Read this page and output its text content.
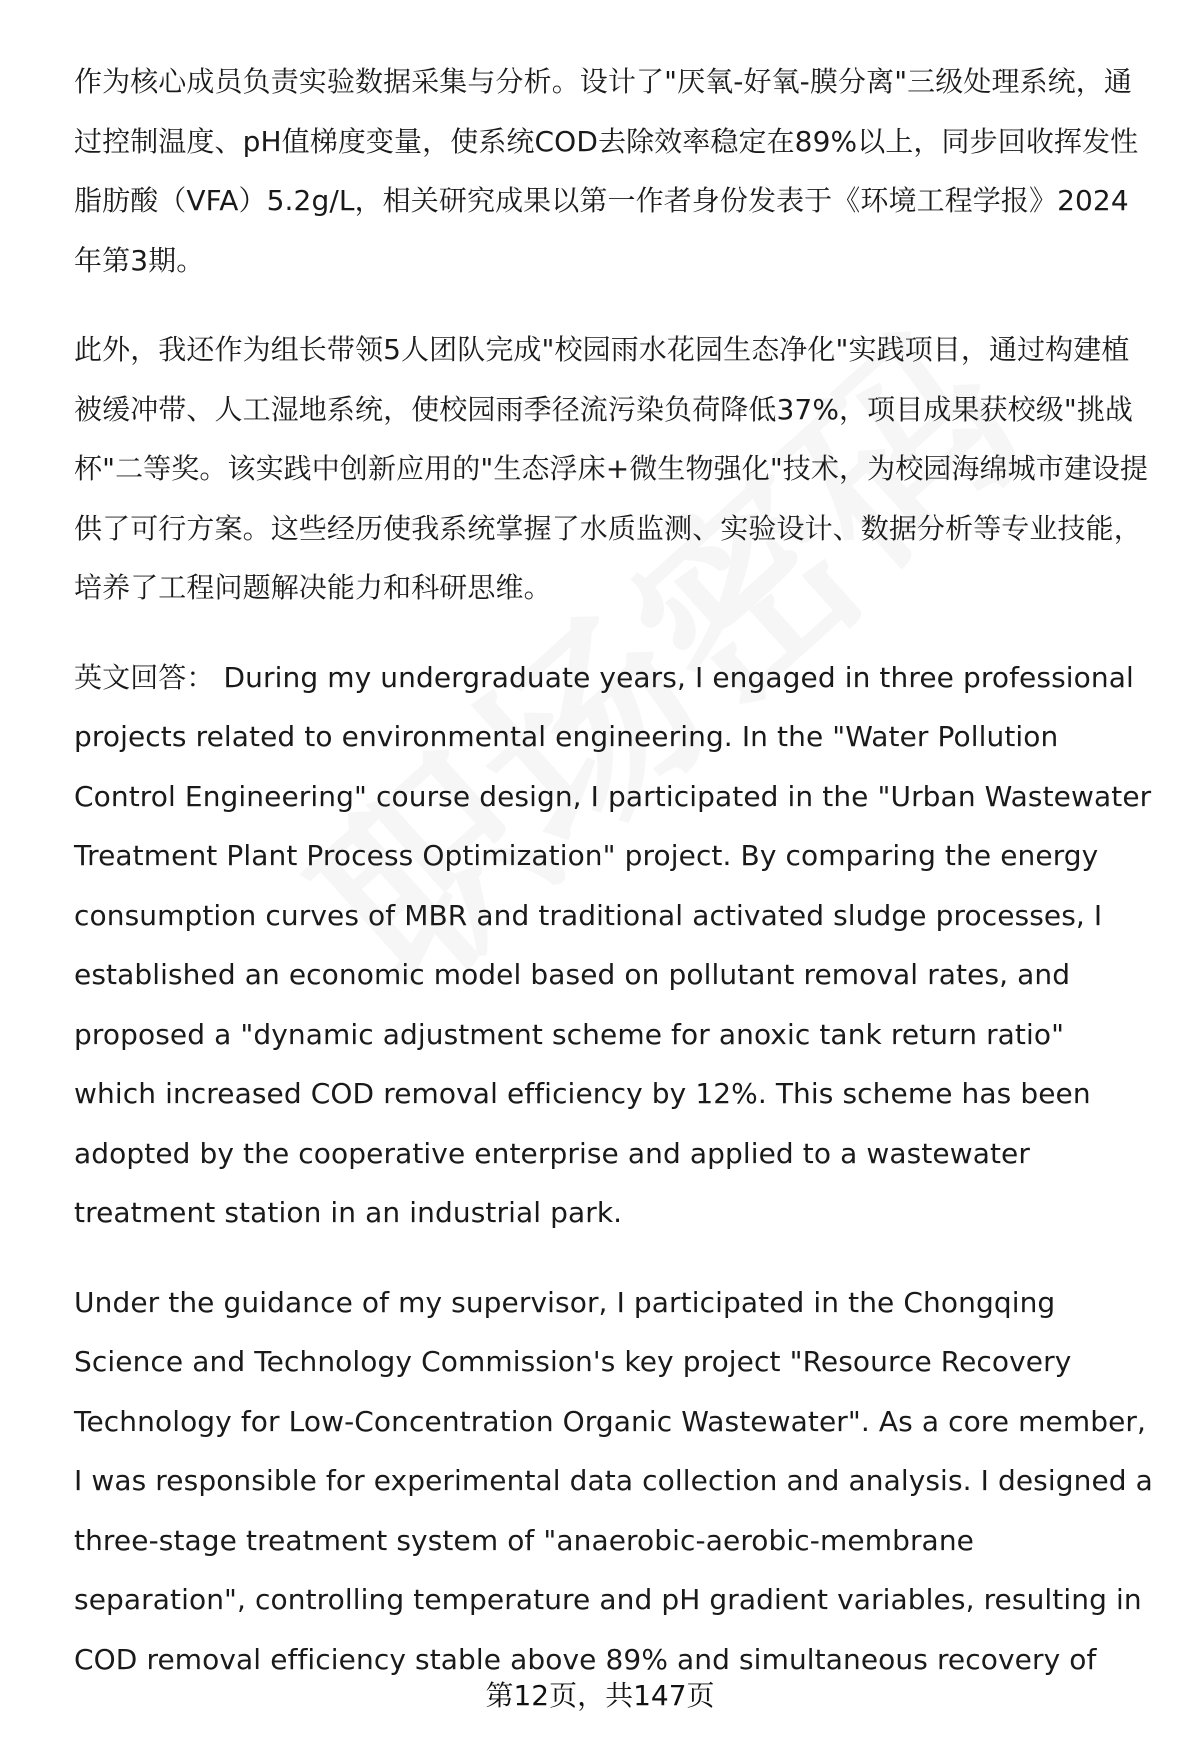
作为核心成员负责实验数据采集与分析。设计了"厌氧-好氧-膜分离"三级处理系统，通过控制温度、pH值梯度变量，使系统COD去除效率稳定在89%以上，同步回收挥发性脂肪酸（VFA）5.2g/L，相关研究成果以第一作者身份发表于《环境工程学报》2024年第3期。

此外，我还作为组长带领5人团队完成"校园雨水花园生态净化"实践项目，通过构建植被缓冲带、人工湿地系统，使校园雨季径流污染负荷降低37%，项目成果获校级"挑战杯"二等奖。该实践中创新应用的"生态浮床+微生物强化"技术，为校园海绵城市建设提供了可行方案。这些经历使我系统掌握了水质监测、实验设计、数据分析等专业技能，培养了工程问题解决能力和科研思维。

英文回答： During my undergraduate years, I engaged in three professional projects related to environmental engineering. In the "Water Pollution Control Engineering" course design, I participated in the "Urban Wastewater Treatment Plant Process Optimization" project. By comparing the energy consumption curves of MBR and traditional activated sludge processes, I established an economic model based on pollutant removal rates, and proposed a "dynamic adjustment scheme for anoxic tank return ratio" which increased COD removal efficiency by 12%. This scheme has been adopted by the cooperative enterprise and applied to a wastewater treatment station in an industrial park.

Under the guidance of my supervisor, I participated in the Chongqing Science and Technology Commission's key project "Resource Recovery Technology for Low-Concentration Organic Wastewater". As a core member, I was responsible for experimental data collection and analysis. I designed a three-stage treatment system of "anaerobic-aerobic-membrane separation", controlling temperature and pH gradient variables, resulting in COD removal efficiency stable above 89% and simultaneous recovery of

第12页，共147页
